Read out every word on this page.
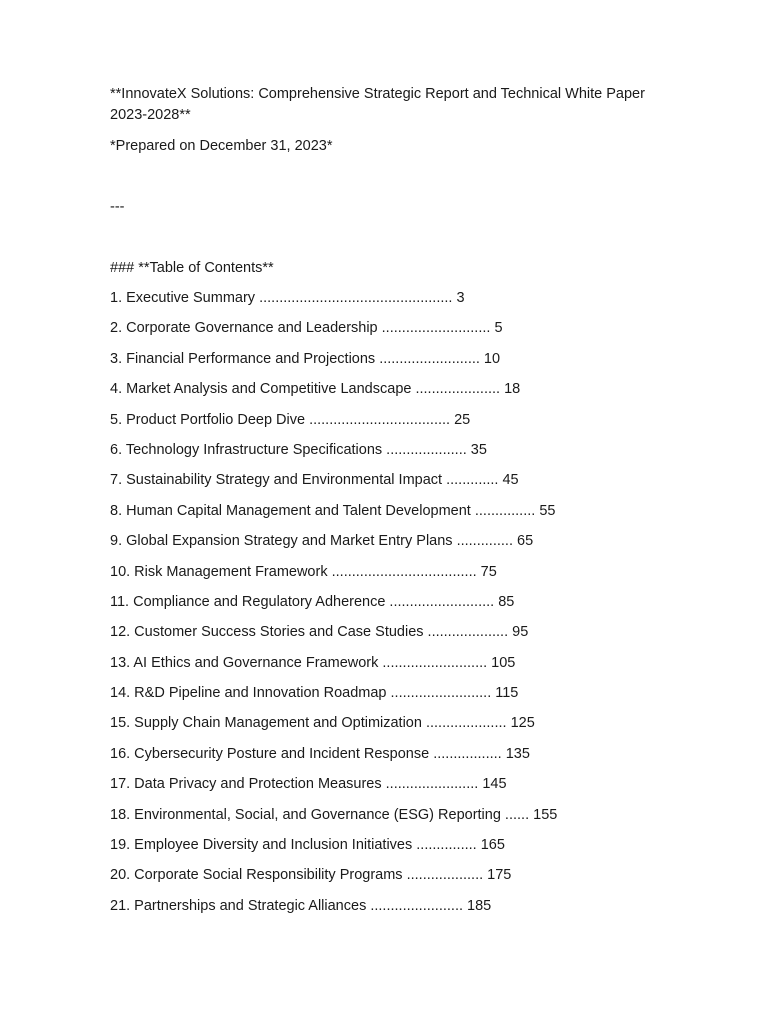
**InnovateX Solutions: Comprehensive Strategic Report and Technical White Paper 2023-2028**

*Prepared on December 31, 2023*
---
### **Table of Contents**
1. Executive Summary ................................................ 3
2. Corporate Governance and Leadership ........................... 5
3. Financial Performance and Projections ......................... 10
4. Market Analysis and Competitive Landscape ..................... 18
5. Product Portfolio Deep Dive ................................... 25
6. Technology Infrastructure Specifications .................... 35
7. Sustainability Strategy and Environmental Impact ............. 45
8. Human Capital Management and Talent Development ............... 55
9. Global Expansion Strategy and Market Entry Plans .............. 65
10. Risk Management Framework .................................... 75
11. Compliance and Regulatory Adherence .......................... 85
12. Customer Success Stories and Case Studies .................... 95
13. AI Ethics and Governance Framework .......................... 105
14. R&D Pipeline and Innovation Roadmap ......................... 115
15. Supply Chain Management and Optimization .................... 125
16. Cybersecurity Posture and Incident Response ................. 135
17. Data Privacy and Protection Measures ....................... 145
18. Environmental, Social, and Governance (ESG) Reporting ...... 155
19. Employee Diversity and Inclusion Initiatives ............... 165
20. Corporate Social Responsibility Programs ................... 175
21. Partnerships and Strategic Alliances ....................... 185
